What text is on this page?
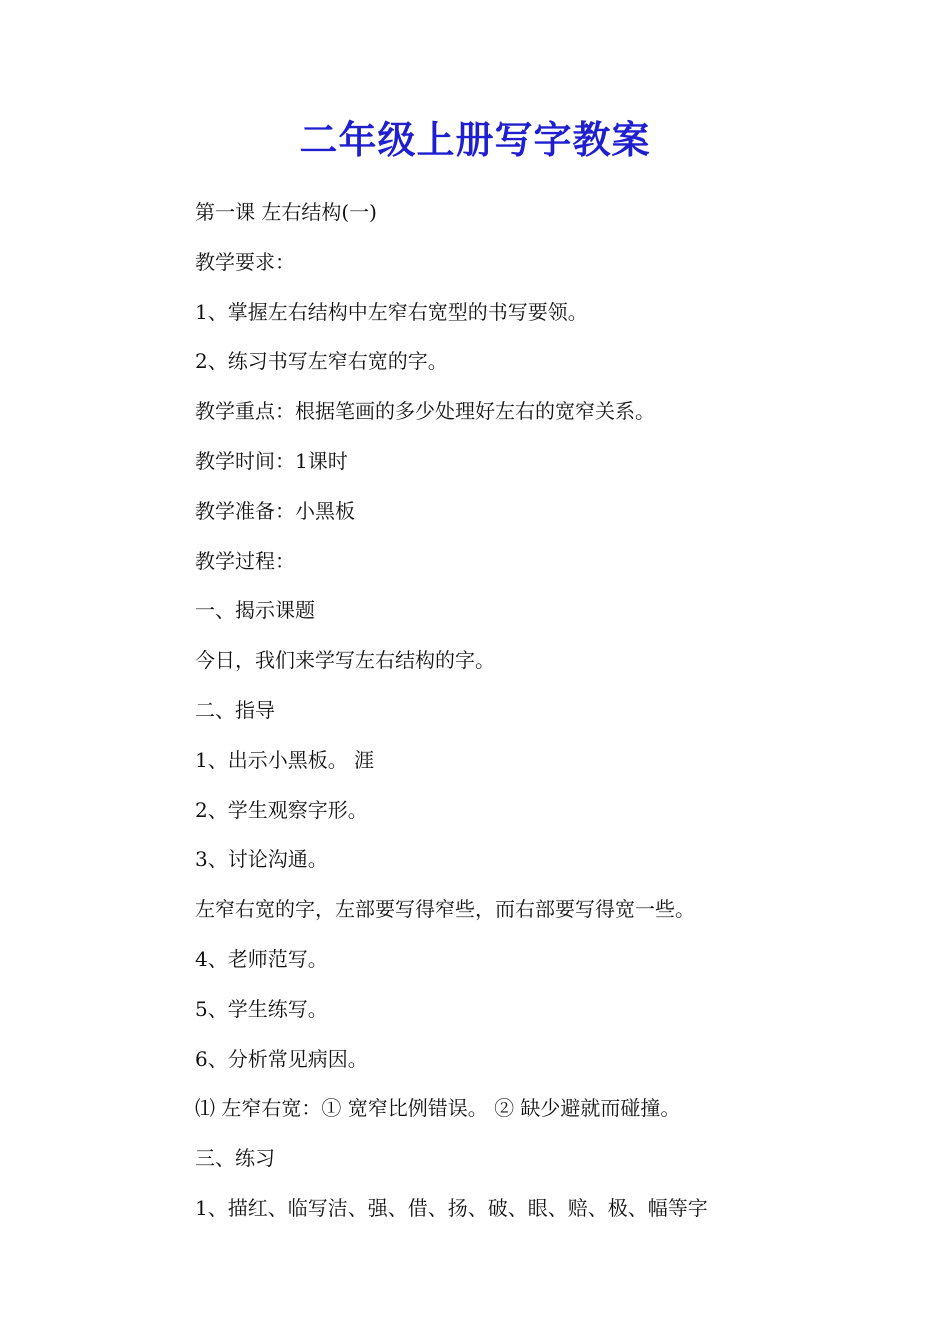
二年级上册写字教案
第一课 左右结构(一)
教学要求：
1、掌握左右结构中左窄右宽型的书写要领。
2、练习书写左窄右宽的字。
教学重点：根据笔画的多少处理好左右的宽窄关系。
教学时间：1课时
教学准备：小黑板
教学过程：
一、揭示课题
今日，我们来学写左右结构的字。
二、指导
1、出示小黑板。 涯
2、学生观察字形。
3、讨论沟通。
左窄右宽的字，左部要写得窄些，而右部要写得宽一些。
4、老师范写。
5、学生练写。
6、分析常见病因。
⑴ 左窄右宽：① 宽窄比例错误。 ② 缺少避就而碰撞。
三、练习
1、描红、临写洁、强、借、扬、破、眼、赔、极、幅等字
